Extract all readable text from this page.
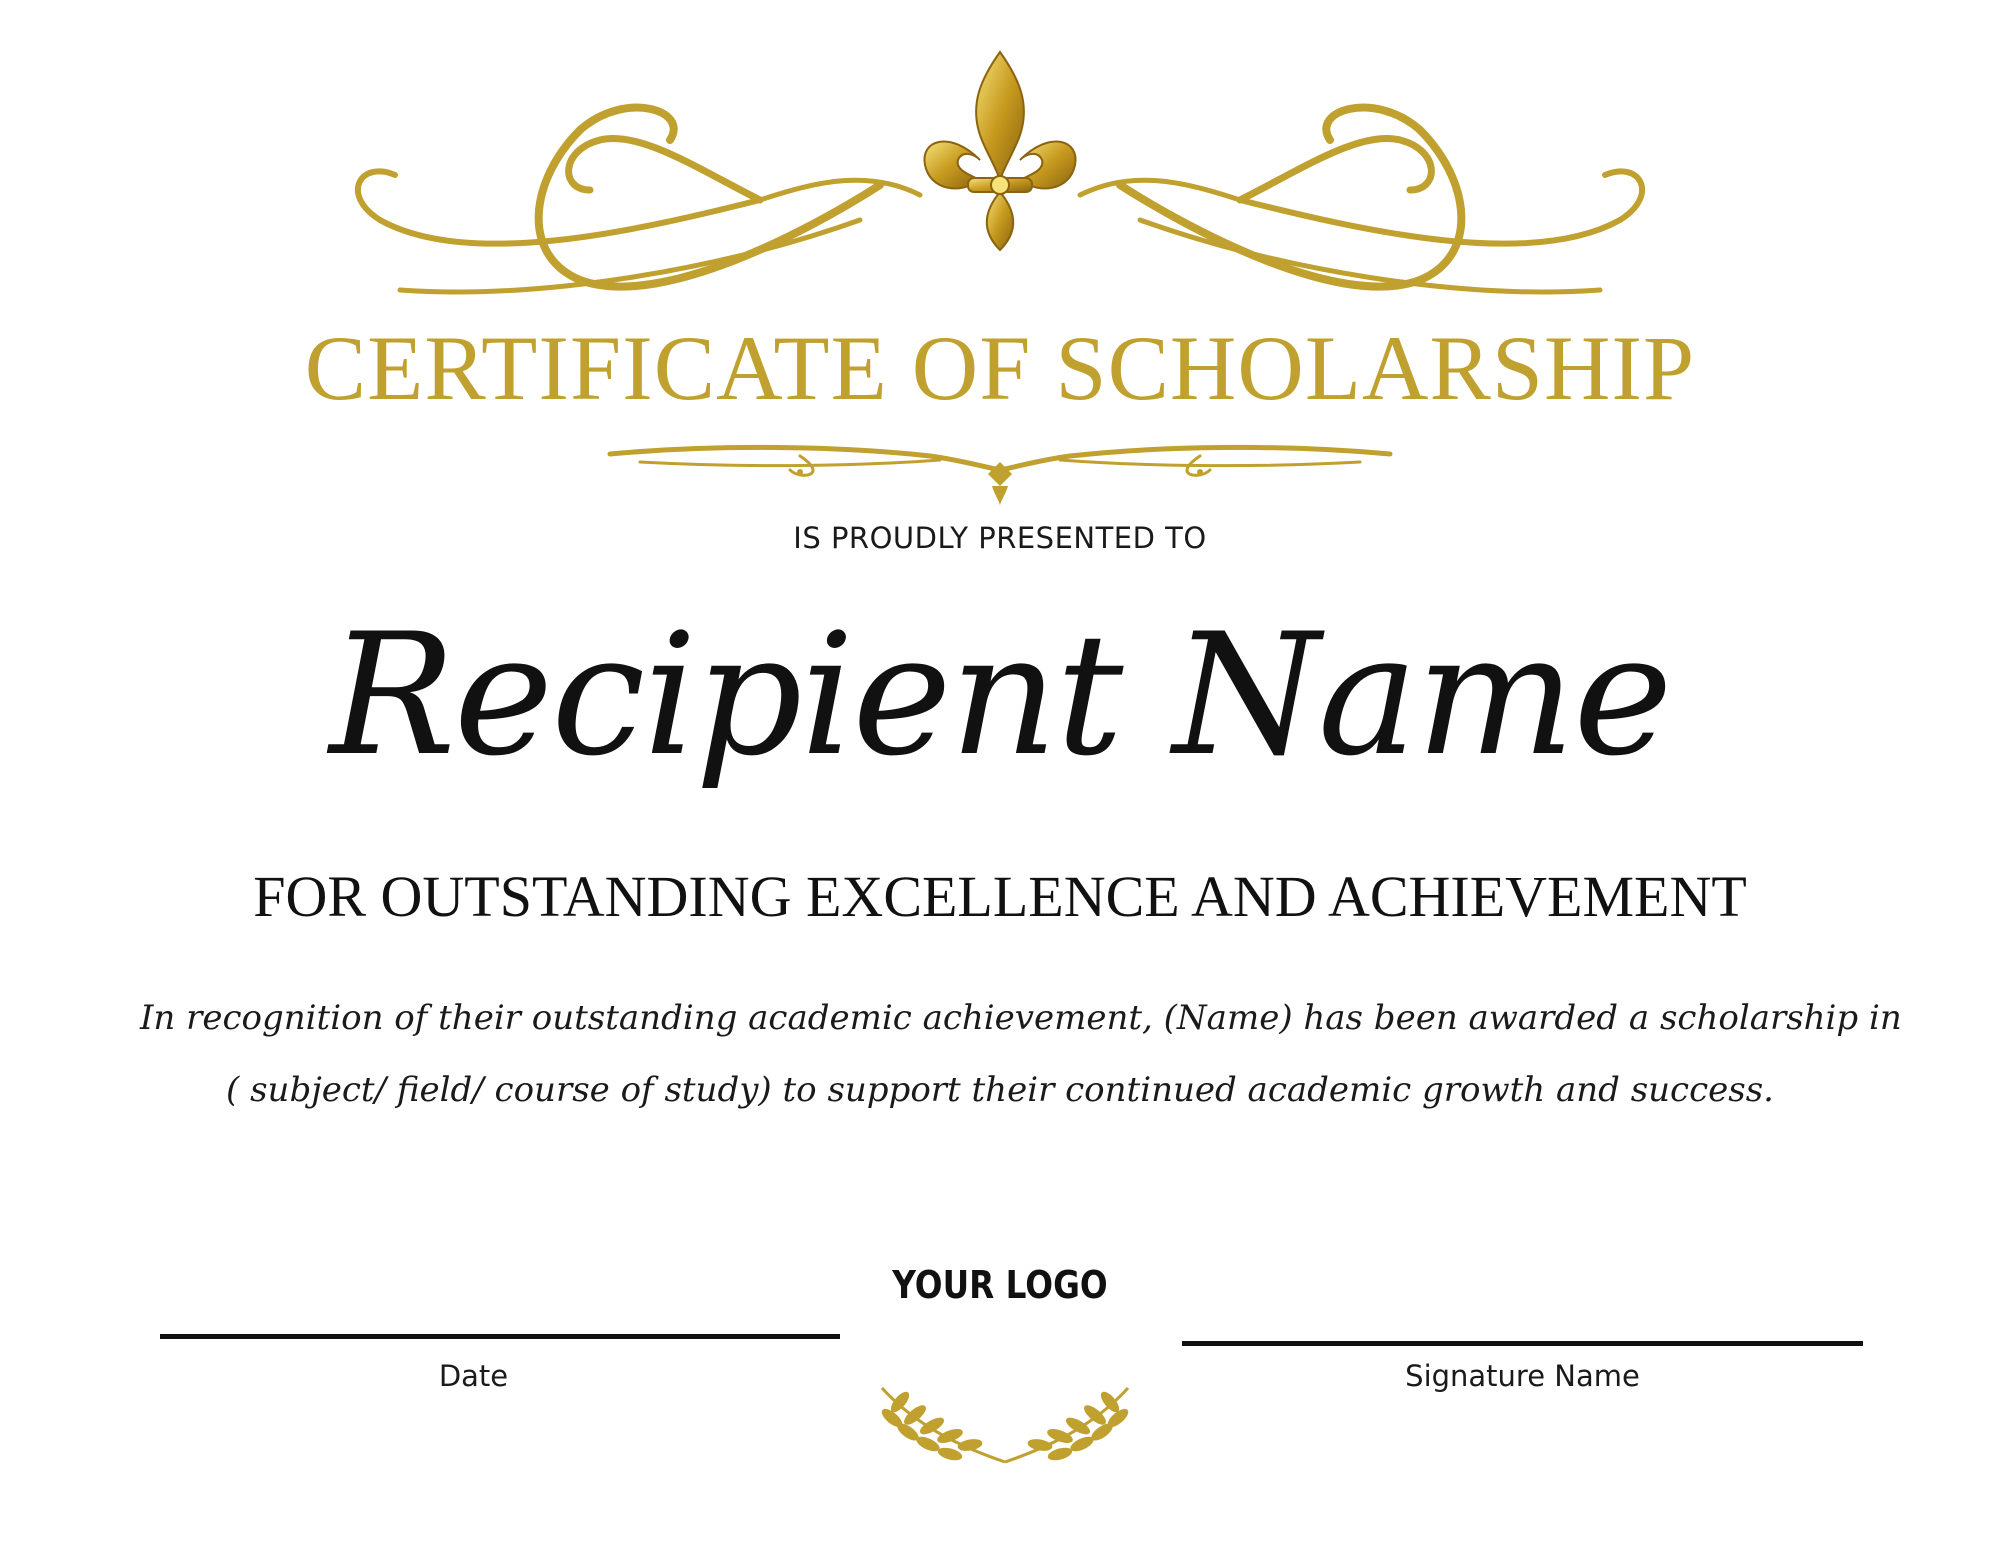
CERTIFICATE OF SCHOLARSHIP
IS PROUDLY PRESENTED TO
Recipient Name
FOR OUTSTANDING EXCELLENCE AND ACHIEVEMENT
In recognition of their outstanding academic achievement, (Name) has been awarded a scholarship in
( subject/ field/ course of study) to support their continued academic growth and success.
YOUR LOGO
Date	Signature Name
